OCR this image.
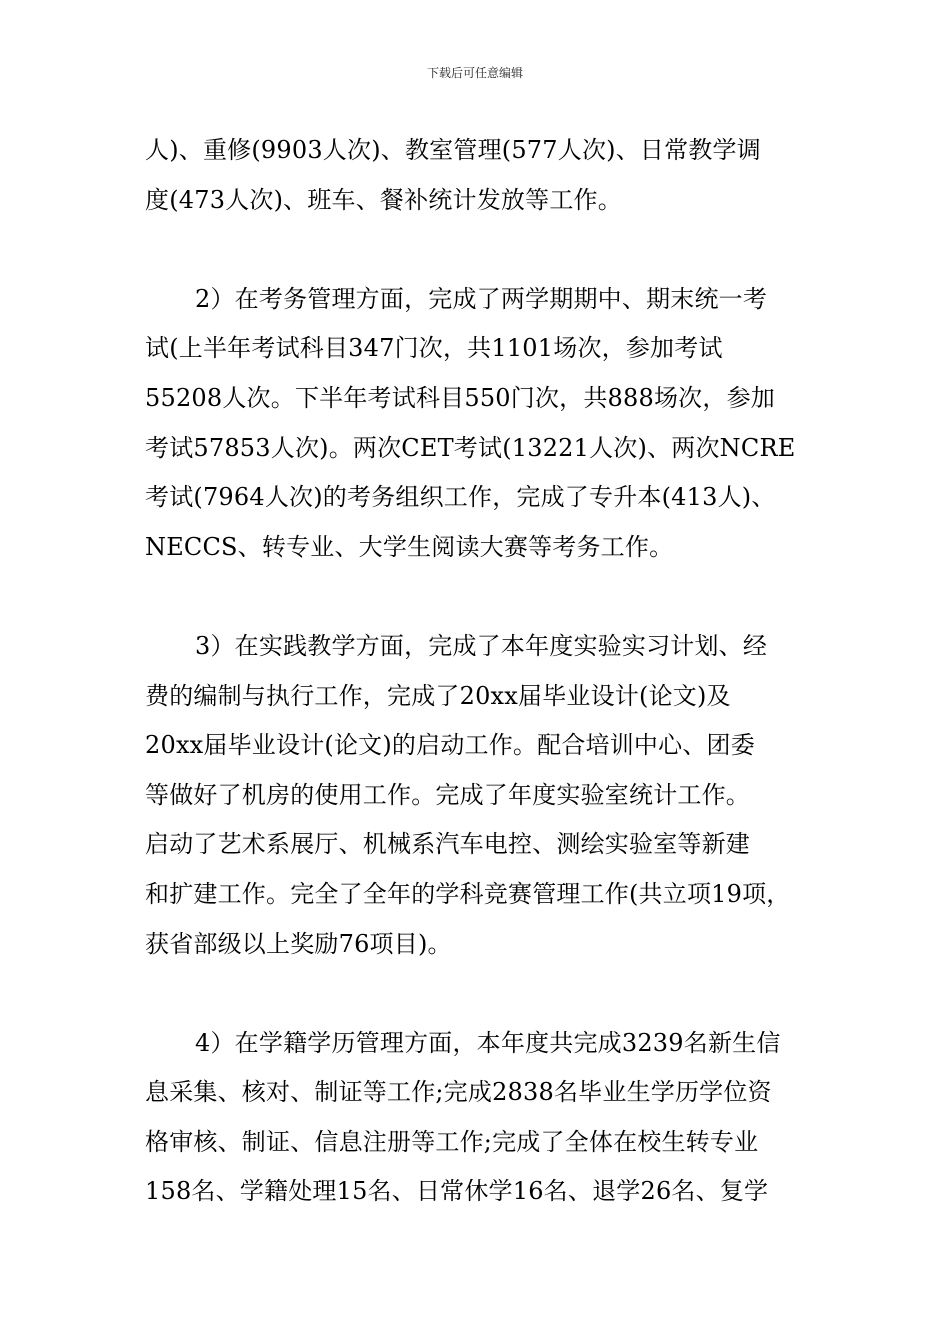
下载后可任意编辑
人)、重修(9903人次)、教室管理(577人次)、日常教学调
度(473人次)、班车、餐补统计发放等工作。
2）在考务管理方面，完成了两学期期中、期末统一考
试(上半年考试科目347门次，共1101场次，参加考试
55208人次。下半年考试科目550门次，共888场次，参加
考试57853人次)。两次CET考试(13221人次)、两次NCRE
考试(7964人次)的考务组织工作，完成了专升本(413人)、
NECCS、转专业、大学生阅读大赛等考务工作。
3）在实践教学方面，完成了本年度实验实习计划、经
费的编制与执行工作，完成了20xx届毕业设计(论文)及
20xx届毕业设计(论文)的启动工作。配合培训中心、团委
等做好了机房的使用工作。完成了年度实验室统计工作。
启动了艺术系展厅、机械系汽车电控、测绘实验室等新建
和扩建工作。完全了全年的学科竞赛管理工作(共立项19项，
获省部级以上奖励76项目)。
4）在学籍学历管理方面，本年度共完成3239名新生信
息采集、核对、制证等工作;完成2838名毕业生学历学位资
格审核、制证、信息注册等工作;完成了全体在校生转专业
158名、学籍处理15名、日常休学16名、退学26名、复学
